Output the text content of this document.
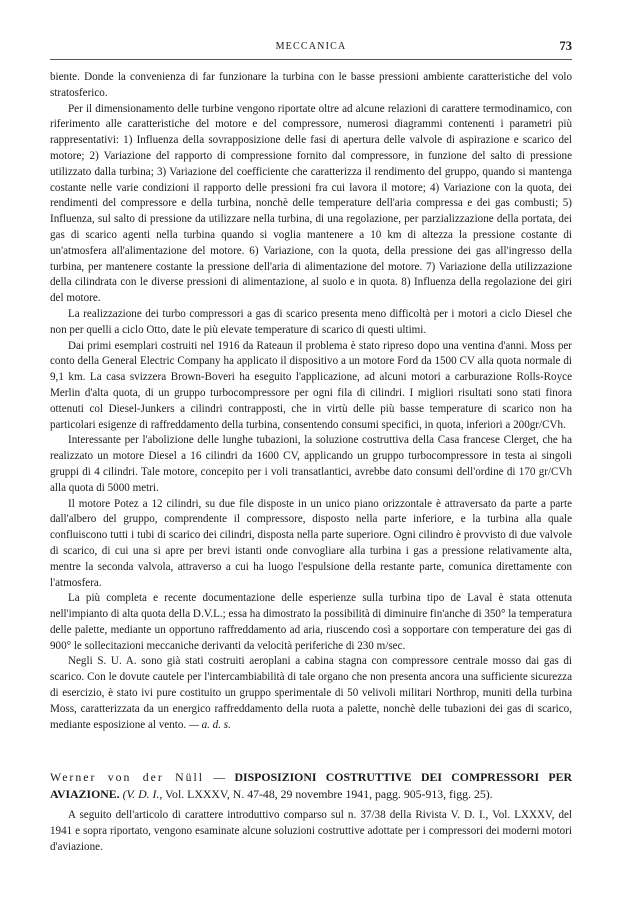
MECCANICA	73

biente. Donde la convenienza di far funzionare la turbina con le basse pressioni ambiente caratteristiche del volo stratosferico.

Per il dimensionamento delle turbine vengono riportate oltre ad alcune relazioni di carattere termodinamico, con riferimento alle caratteristiche del motore e del compressore, numerosi diagrammi contenenti i parametri più rappresentativi: 1) Influenza della sovrapposizione delle fasi di apertura delle valvole di aspirazione e scarico del motore; 2) Variazione del rapporto di compressione fornito dal compressore, in funzione del salto di pressione utilizzato dalla turbina; 3) Variazione del coefficiente che caratterizza il rendimento del gruppo, quando si mantenga costante nelle varie condizioni il rapporto delle pressioni fra cui lavora il motore; 4) Variazione con la quota, dei rendimenti del compressore e della turbina, nonchè delle temperature dell'aria compressa e dei gas combusti; 5) Influenza, sul salto di pressione da utilizzare nella turbina, di una regolazione, per parzializzazione della portata, dei gas di scarico agenti nella turbina quando si voglia mantenere a 10 km di altezza la pressione costante di un'atmosfera all'alimentazione del motore. 6) Variazione, con la quota, della pressione dei gas all'ingresso della turbina, per mantenere costante la pressione dell'aria di alimentazione del motore. 7) Variazione della utilizzazione della cilindrata con le diverse pressioni di alimentazione, al suolo e in quota. 8) Influenza della regolazione dei giri del motore.

La realizzazione dei turbo compressori a gas di scarico presenta meno difficoltà per i motori a ciclo Diesel che non per quelli a ciclo Otto, date le più elevate temperature di scarico di questi ultimi.

Dai primi esemplari costruiti nel 1916 da Rateaun il problema è stato ripreso dopo una ventina d'anni. Moss per conto della General Electric Company ha applicato il dispositivo a un motore Ford da 1500 CV alla quota normale di 9,1 km. La casa svizzera Brown-Boveri ha eseguito l'applicazione, ad alcuni motori a carburazione Rolls-Royce Merlin d'alta quota, di un gruppo turbocompressore per ogni fila di cilindri. I migliori risultati sono stati finora ottenuti col Diesel-Junkers a cilindri contrapposti, che in virtù delle più basse temperature di scarico non ha particolari esigenze di raffreddamento della turbina, consentendo consumi specifici, in quota, inferiori a 200gr/CVh.

Interessante per l'abolizione delle lunghe tubazioni, la soluzione costruttiva della Casa francese Clerget, che ha realizzato un motore Diesel a 16 cilindri da 1600 CV, applicando un gruppo turbocompressore in testa ai singoli gruppi di 4 cilindri. Tale motore, concepito per i voli transatlantici, avrebbe dato consumi dell'ordine di 170 gr/CVh alla quota di 5000 metri.

Il motore Potez a 12 cilindri, su due file disposte in un unico piano orizzontale è attraversato da parte a parte dall'albero del gruppo, comprendente il compressore, disposto nella parte inferiore, e la turbina alla quale confluiscono tutti i tubi di scarico dei cilindri, disposta nella parte superiore. Ogni cilindro è provvisto di due valvole di scarico, di cui una si apre per brevi istanti onde convogliare alla turbina i gas a pressione relativamente alta, mentre la seconda valvola, attraverso a cui ha luogo l'espulsione della restante parte, comunica direttamente con l'atmosfera.

La più completa e recente documentazione delle esperienze sulla turbina tipo de Laval è stata ottenuta nell'impianto di alta quota della D.V.L.; essa ha dimostrato la possibilità di diminuire fin'anche di 350° la temperatura delle palette, mediante un opportuno raffreddamento ad aria, riuscendo così a sopportare con temperature dei gas di 900° le sollecitazioni meccaniche derivanti da velocità periferiche di 230 m/sec.

Negli S. U. A. sono già stati costruiti aeroplani a cabina stagna con compressore centrale mosso dai gas di scarico. Con le dovute cautele per l'intercambiabilità di tale organo che non presenta ancora una sufficiente sicurezza di esercizio, è stato ivi pure costituito un gruppo sperimentale di 50 velivoli militari Northrop, muniti della turbina Moss, caratterizzata da un energico raffreddamento della ruota a palette, nonchè delle tubazioni dei gas di scarico, mediante esposizione al vento. — a. d. s.

Werner von der Nüll — DISPOSIZIONI COSTRUTTIVE DEI COMPRESSORI PER AVIAZIONE. (V. D. I., Vol. LXXXV, N. 47-48, 29 novembre 1941, pagg. 905-913, figg. 25).

A seguito dell'articolo di carattere introduttivo comparso sul n. 37/38 della Rivista V. D. I., Vol. LXXXV, del 1941 e sopra riportato, vengono esaminate alcune soluzioni costruttive adottate per i compressori dei moderni motori d'aviazione.
